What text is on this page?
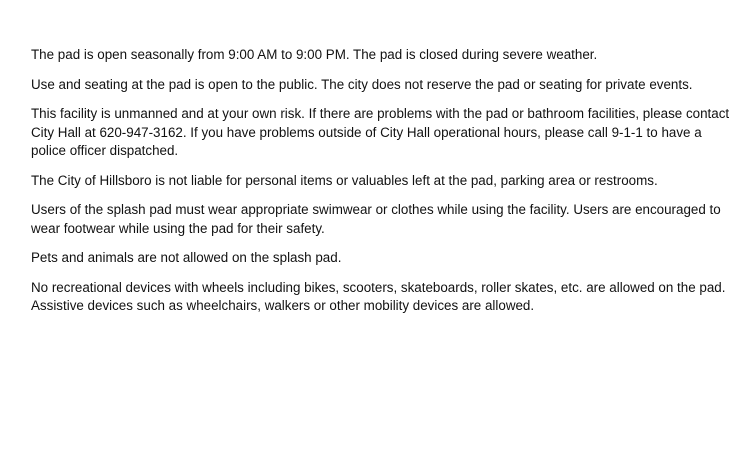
The pad is open seasonally from 9:00 AM to 9:00 PM. The pad is closed during severe weather.

Use and seating at the pad is open to the public. The city does not reserve the pad or seating for private events.

This facility is unmanned and at your own risk. If there are problems with the pad or bathroom facilities, please contact City Hall at 620-947-3162. If you have problems outside of City Hall operational hours, please call 9-1-1 to have a police officer dispatched.

The City of Hillsboro is not liable for personal items or valuables left at the pad, parking area or restrooms.

Users of the splash pad must wear appropriate swimwear or clothes while using the facility. Users are encouraged to wear footwear while using the pad for their safety.

Pets and animals are not allowed on the splash pad.

No recreational devices with wheels including bikes, scooters, skateboards, roller skates, etc. are allowed on the pad. Assistive devices such as wheelchairs, walkers or other mobility devices are allowed.
